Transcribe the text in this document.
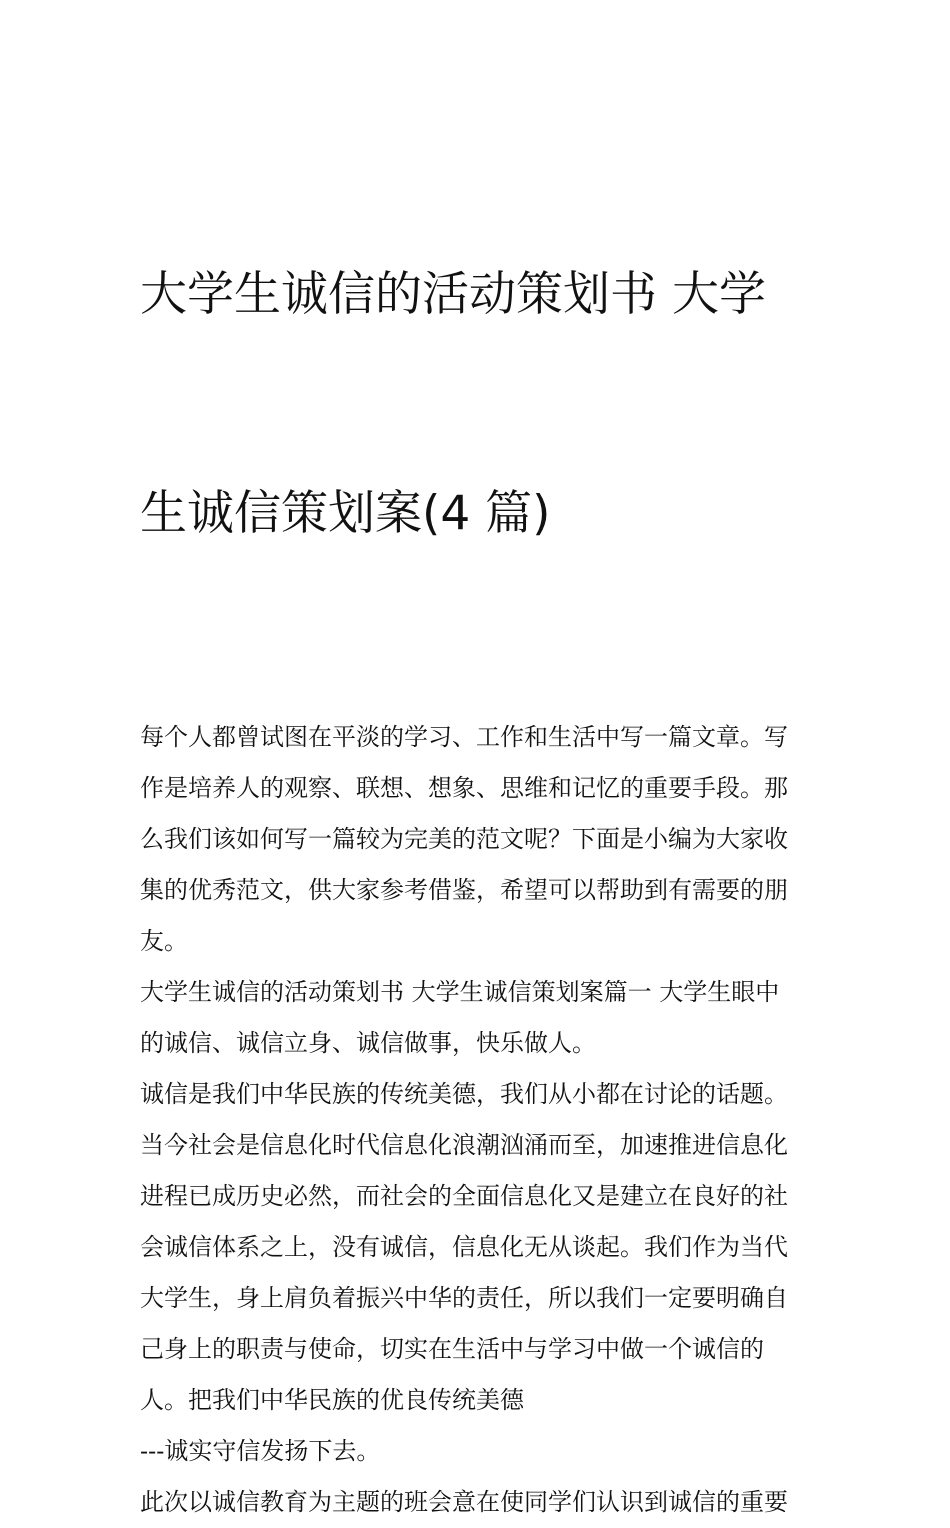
大学生诚信的活动策划书 大学

生诚信策划案(4 篇)

每个人都曾试图在平淡的学习、工作和生活中写一篇文章。写
作是培养人的观察、联想、想象、思维和记忆的重要手段。那
么我们该如何写一篇较为完美的范文呢？下面是小编为大家收
集的优秀范文，供大家参考借鉴，希望可以帮助到有需要的朋
友。

大学生诚信的活动策划书 大学生诚信策划案篇一 大学生眼中
的诚信、诚信立身、诚信做事，快乐做人。

诚信是我们中华民族的传统美德，我们从小都在讨论的话题。
当今社会是信息化时代信息化浪潮汹涌而至，加速推进信息化
进程已成历史必然，而社会的全面信息化又是建立在良好的社
会诚信体系之上，没有诚信，信息化无从谈起。我们作为当代
大学生，身上肩负着振兴中华的责任，所以我们一定要明确自
己身上的职责与使命，切实在生活中与学习中做一个诚信的
人。把我们中华民族的优良传统美德

---诚实守信发扬下去。

此次以诚信教育为主题的班会意在使同学们认识到诚信的重要
